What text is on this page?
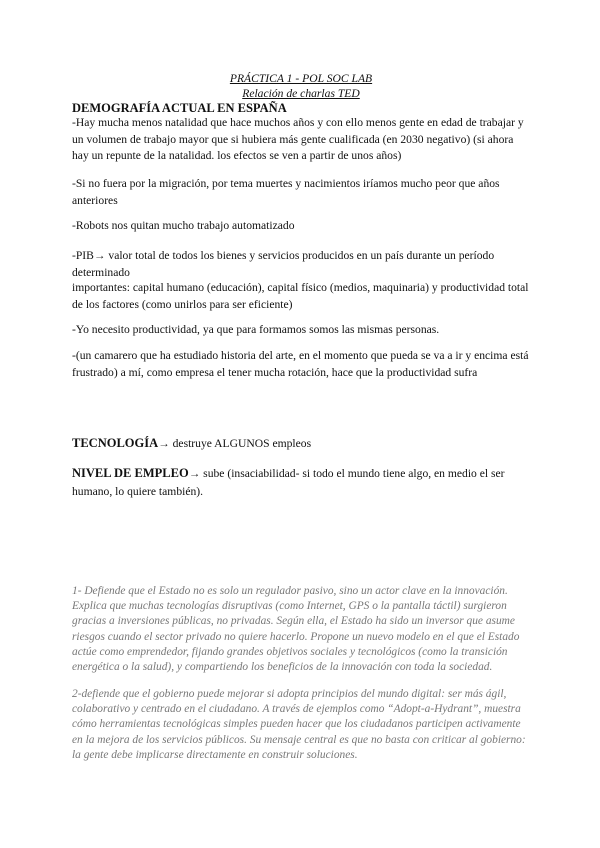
PRÁCTICA 1 - POL SOC LAB
Relación de charlas TED
DEMOGRAFÍA ACTUAL EN ESPAÑA
-Hay mucha menos natalidad que hace muchos años y con ello menos gente en edad de trabajar y un volumen de trabajo mayor que si hubiera más gente cualificada (en 2030 negativo) (si ahora hay un repunte de la natalidad. los efectos se ven a partir de unos años)
-Si no fuera por la migración, por tema muertes y nacimientos iríamos mucho peor que años anteriores
-Robots nos quitan mucho trabajo automatizado
-PIB→ valor total de todos los bienes y servicios producidos en un país durante un período determinado
importantes: capital humano (educación), capital físico (medios, maquinaria) y productividad total de los factores (como unirlos para ser eficiente)
-Yo necesito productividad, ya que para formamos somos las mismas personas.
-(un camarero que ha estudiado historia del arte, en el momento que pueda se va a ir y encima está frustrado) a mí, como empresa el tener mucha rotación, hace que la productividad sufra
TECNOLOGÍA→ destruye ALGUNOS empleos
NIVEL DE EMPLEO→ sube (insaciabilidad- si todo el mundo tiene algo, en medio el ser humano, lo quiere también).
1- Defiende que el Estado no es solo un regulador pasivo, sino un actor clave en la innovación. Explica que muchas tecnologías disruptivas (como Internet, GPS o la pantalla táctil) surgieron gracias a inversiones públicas, no privadas. Según ella, el Estado ha sido un inversor que asume riesgos cuando el sector privado no quiere hacerlo. Propone un nuevo modelo en el que el Estado actúe como emprendedor, fijando grandes objetivos sociales y tecnológicos (como la transición energética o la salud), y compartiendo los beneficios de la innovación con toda la sociedad.
2-defiende que el gobierno puede mejorar si adopta principios del mundo digital: ser más ágil, colaborativo y centrado en el ciudadano. A través de ejemplos como “Adopt-a-Hydrant”, muestra cómo herramientas tecnológicas simples pueden hacer que los ciudadanos participen activamente en la mejora de los servicios públicos. Su mensaje central es que no basta con criticar al gobierno: la gente debe implicarse directamente en construir soluciones.
